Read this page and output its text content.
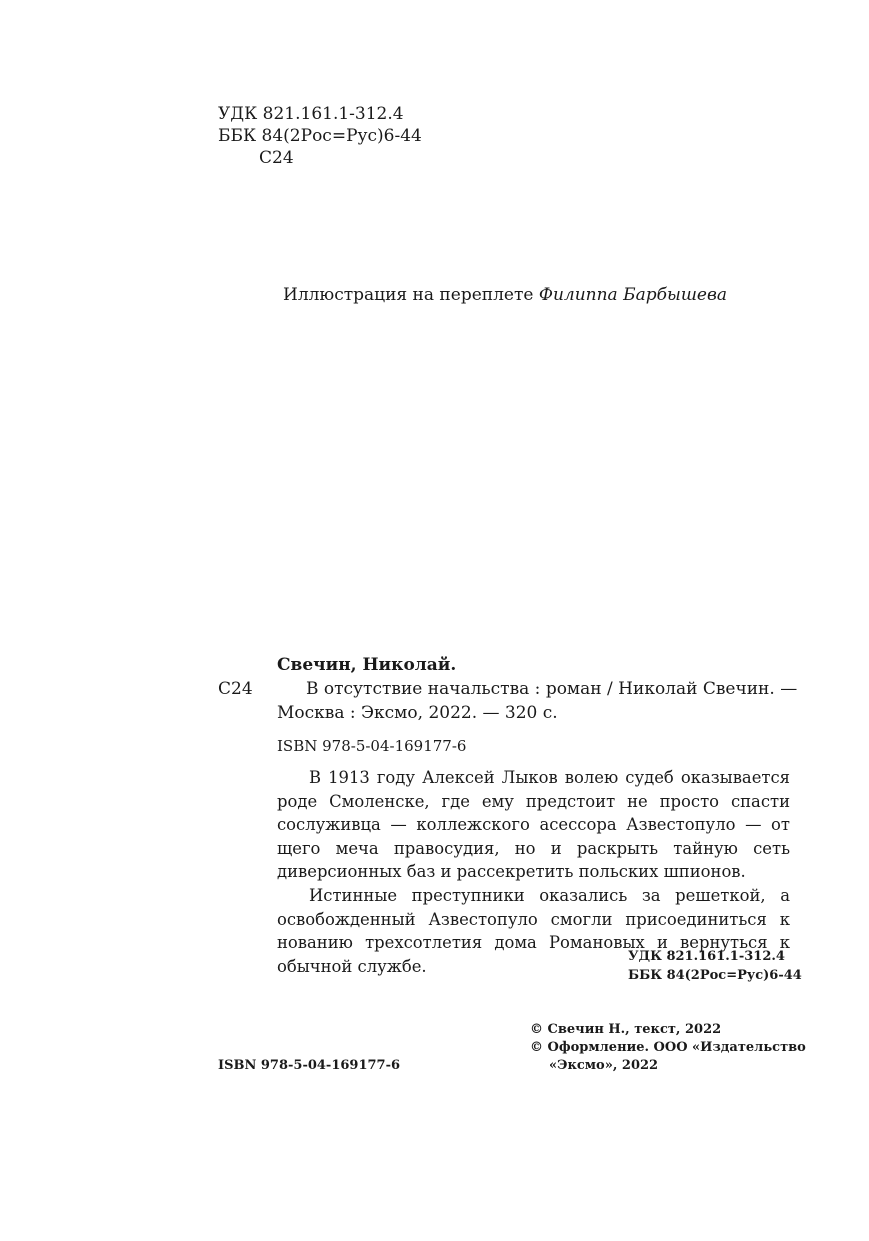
УДК 821.161.1-312.4
ББК 84(2Рос=Рус)6-44
С24
Иллюстрация на переплете Филиппа Барбышева
Свечин, Николай.
С24	В отсутствие начальства : роман / Николай Свечин. —
Москва : Эксмо, 2022. — 320 с.
ISBN 978-5-04-169177-6
В 1913 году Алексей Лыков волею судеб оказывается
роде Смоленске, где ему предстоит не просто спасти
сослуживца — коллежского асессора Азвестопуло — от
щего меча правосудия, но и раскрыть тайную сеть
диверсионных баз и рассекретить польских шпионов.
Истинные преступники оказались за решеткой, а
освобожденный Азвестопуло смогли присоединиться к
нованию трехсотлетия дома Романовых и вернуться к
обычной службе.
УДК 821.161.1-312.4
ББК 84(2Рос=Рус)6-44
© Свечин Н., текст, 2022
© Оформление. ООО «Издательство
«Эксмо», 2022
ISBN 978-5-04-169177-6
